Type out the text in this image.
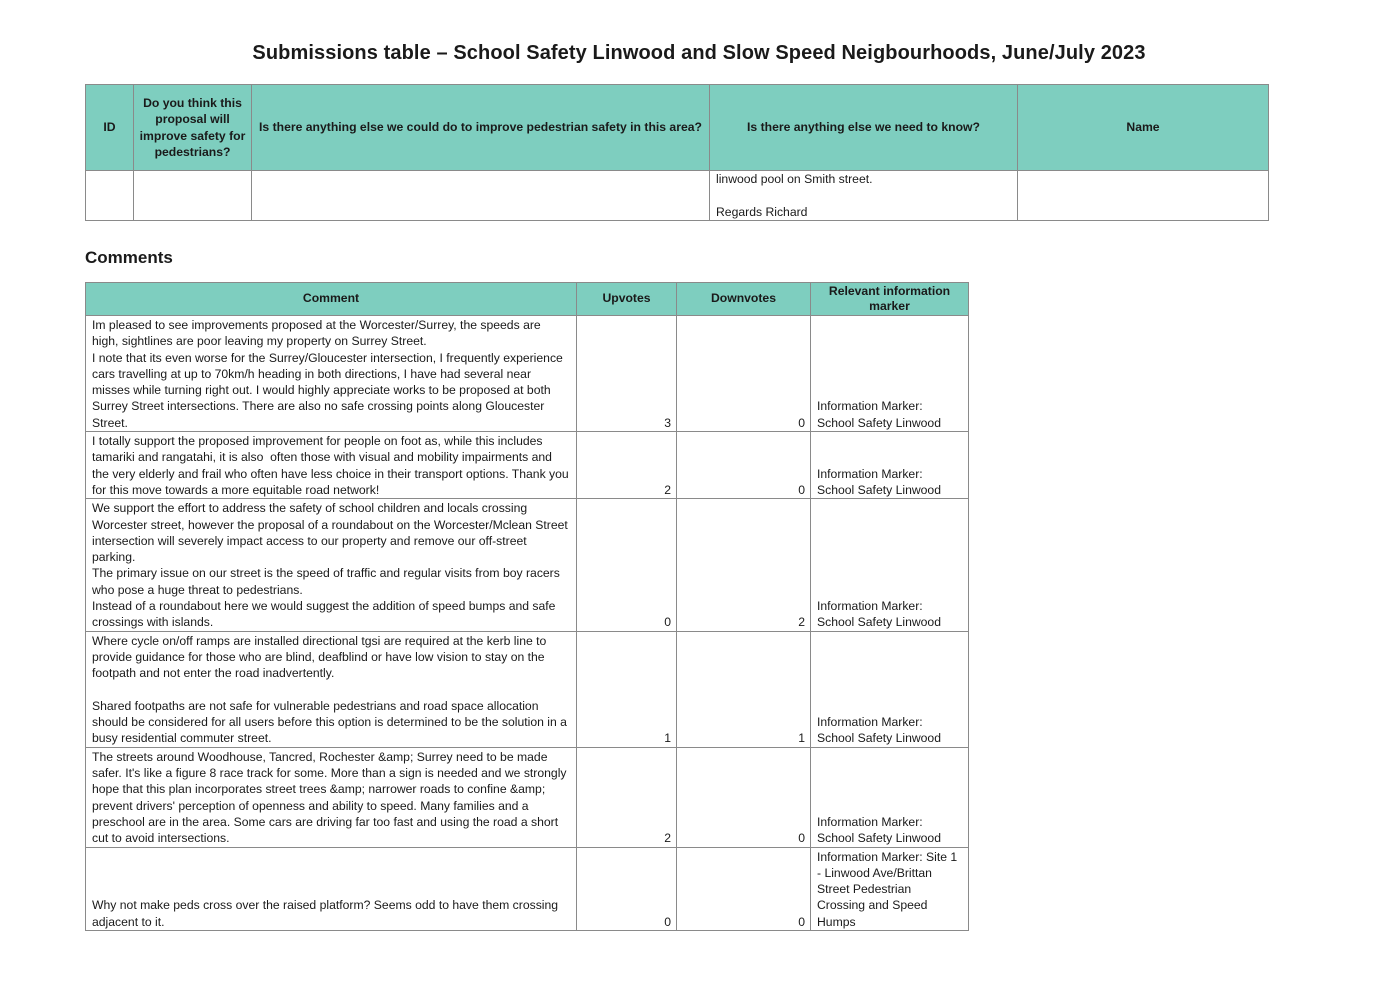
Submissions table – School Safety Linwood and Slow Speed Neigbourhoods, June/July 2023
ID	Do you think this proposal will improve safety for pedestrians?	Is there anything else we could do to improve pedestrian safety in this area?	Is there anything else we need to know?	Name

			linwood pool on Smith street.

Regards Richard	

Comments
Comment	Upvotes	Downvotes	Relevant information marker
Im pleased to see improvements proposed at the Worcester/Surrey, the speeds are high, sightlines are poor leaving my property on Surrey Street.
I note that its even worse for the Surrey/Gloucester intersection, I frequently experience cars travelling at up to 70km/h heading in both directions, I have had several near misses while turning right out. I would highly appreciate works to be proposed at both Surrey Street intersections. There are also no safe crossing points along Gloucester Street.	3	0	Information Marker: School Safety Linwood
I totally support the proposed improvement for people on foot as, while this includes tamariki and rangatahi, it is also  often those with visual and mobility impairments and the very elderly and frail who often have less choice in their transport options. Thank you for this move towards a more equitable road network!	2	0	Information Marker: School Safety Linwood
We support the effort to address the safety of school children and locals crossing Worcester street, however the proposal of a roundabout on the Worcester/Mclean Street intersection will severely impact access to our property and remove our off-street parking.
The primary issue on our street is the speed of traffic and regular visits from boy racers who pose a huge threat to pedestrians.
Instead of a roundabout here we would suggest the addition of speed bumps and safe crossings with islands.	0	2	Information Marker: School Safety Linwood
Where cycle on/off ramps are installed directional tgsi are required at the kerb line to provide guidance for those who are blind, deafblind or have low vision to stay on the footpath and not enter the road inadvertently.

Shared footpaths are not safe for vulnerable pedestrians and road space allocation should be considered for all users before this option is determined to be the solution in a busy residential commuter street.	1	1	Information Marker: School Safety Linwood
The streets around Woodhouse, Tancred, Rochester &amp; Surrey need to be made safer. It's like a figure 8 race track for some. More than a sign is needed and we strongly hope that this plan incorporates street trees &amp; narrower roads to confine &amp; prevent drivers' perception of openness and ability to speed. Many families and a preschool are in the area. Some cars are driving far too fast and using the road a short cut to avoid intersections.	2	0	Information Marker: School Safety Linwood
Why not make peds cross over the raised platform? Seems odd to have them crossing adjacent to it.	0	0	Information Marker: Site 1 - Linwood Ave/Brittan Street Pedestrian Crossing and Speed Humps
